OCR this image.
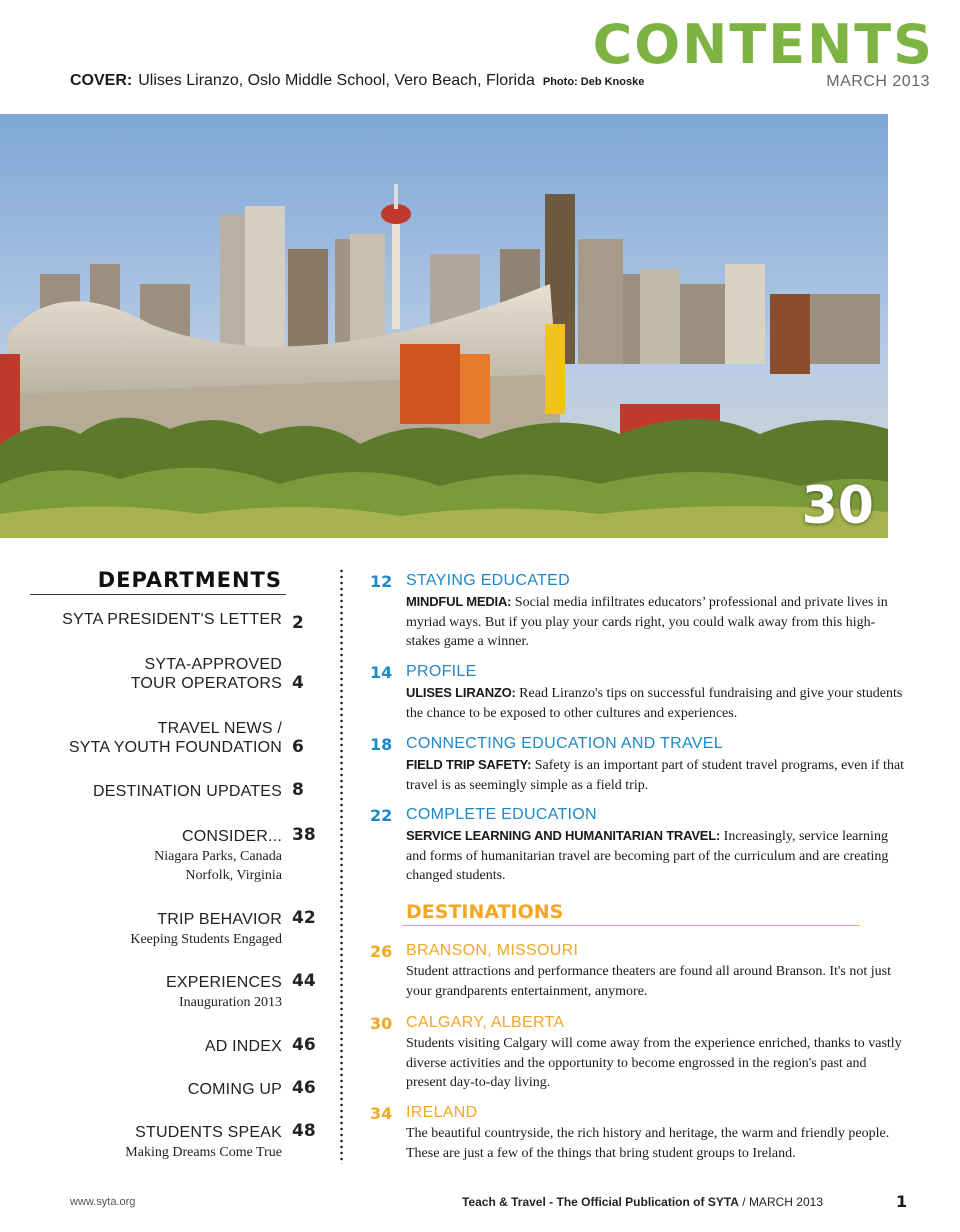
CONTENTS
MARCH 2013
COVER: Ulises Liranzo, Oslo Middle School, Vero Beach, Florida Photo: Deb Knoske
30
DEPARTMENTS
SYTA PRESIDENT'S LETTER 2
SYTA-APPROVED
TOUR OPERATORS 4
TRAVEL NEWS /
SYTA YOUTH FOUNDATION 6
DESTINATION UPDATES 8
CONSIDER... 38
Niagara Parks, Canada
Norfolk, Virginia
TRIP BEHAVIOR 42
Keeping Students Engaged
EXPERIENCES 44
Inauguration 2013
AD INDEX 46
COMING UP 46
STUDENTS SPEAK 48
Making Dreams Come True
12 STAYING EDUCATED
MINDFUL MEDIA: Social media infiltrates educators’ professional and private lives in myriad ways. But if you play your cards right, you could walk away from this high-stakes game a winner.
14 PROFILE
ULISES LIRANZO: Read Liranzo's tips on successful fundraising and give your students the chance to be exposed to other cultures and experiences.
18 CONNECTING EDUCATION AND TRAVEL
FIELD TRIP SAFETY: Safety is an important part of student travel programs, even if that travel is as seemingly simple as a field trip.
22 COMPLETE EDUCATION
SERVICE LEARNING AND HUMANITARIAN TRAVEL: Increasingly, service learning and forms of humanitarian travel are becoming part of the curriculum and are creating changed students.
DESTINATIONS
26 BRANSON, MISSOURI
Student attractions and performance theaters are found all around Branson. It's not just your grandparents entertainment, anymore.
30 CALGARY, ALBERTA
Students visiting Calgary will come away from the experience enriched, thanks to vastly diverse activities and the opportunity to become engrossed in the region's past and present day-to-day living.
34 IRELAND
The beautiful countryside, the rich history and heritage, the warm and friendly people. These are just a few of the things that bring student groups to Ireland.
www.syta.org	Teach & Travel - The Official Publication of SYTA / MARCH 2013	1
